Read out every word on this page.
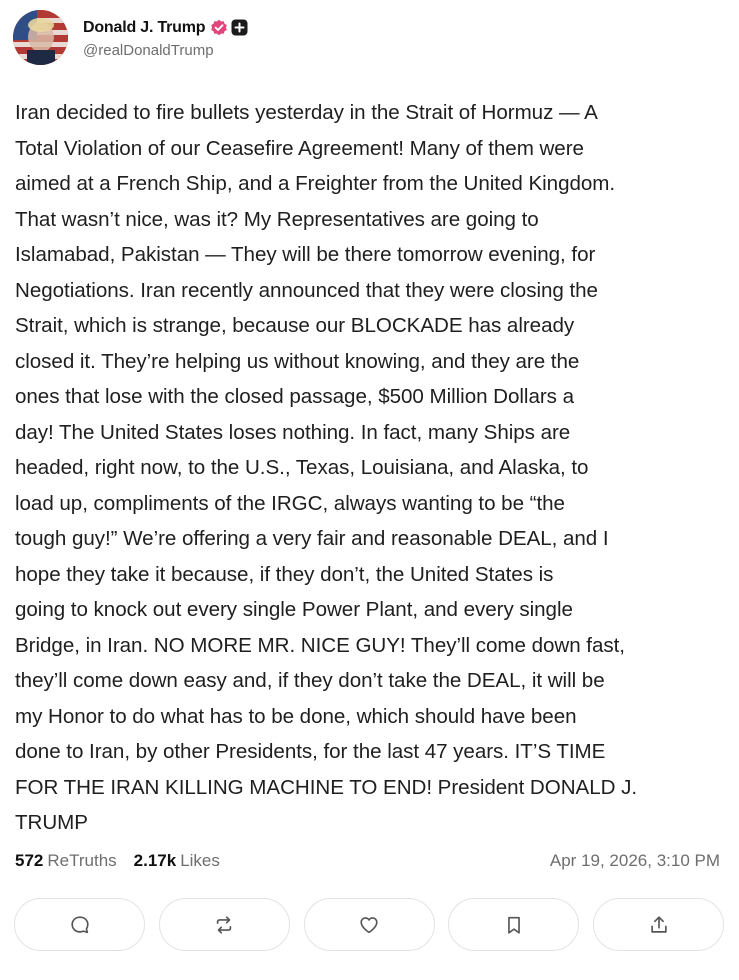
Donald J. Trump
@realDonaldTrump
Iran decided to fire bullets yesterday in the Strait of Hormuz — A
Total Violation of our Ceasefire Agreement! Many of them were
aimed at a French Ship, and a Freighter from the United Kingdom.
That wasn’t nice, was it? My Representatives are going to
Islamabad, Pakistan — They will be there tomorrow evening, for
Negotiations. Iran recently announced that they were closing the
Strait, which is strange, because our BLOCKADE has already
closed it. They’re helping us without knowing, and they are the
ones that lose with the closed passage, $500 Million Dollars a
day! The United States loses nothing. In fact, many Ships are
headed, right now, to the U.S., Texas, Louisiana, and Alaska, to
load up, compliments of the IRGC, always wanting to be “the
tough guy!” We’re offering a very fair and reasonable DEAL, and I
hope they take it because, if they don’t, the United States is
going to knock out every single Power Plant, and every single
Bridge, in Iran. NO MORE MR. NICE GUY! They’ll come down fast,
they’ll come down easy and, if they don’t take the DEAL, it will be
my Honor to do what has to be done, which should have been
done to Iran, by other Presidents, for the last 47 years. IT’S TIME
FOR THE IRAN KILLING MACHINE TO END! President DONALD J.
TRUMP
572 ReTruths 2.17k Likes	Apr 19, 2026, 3:10 PM
